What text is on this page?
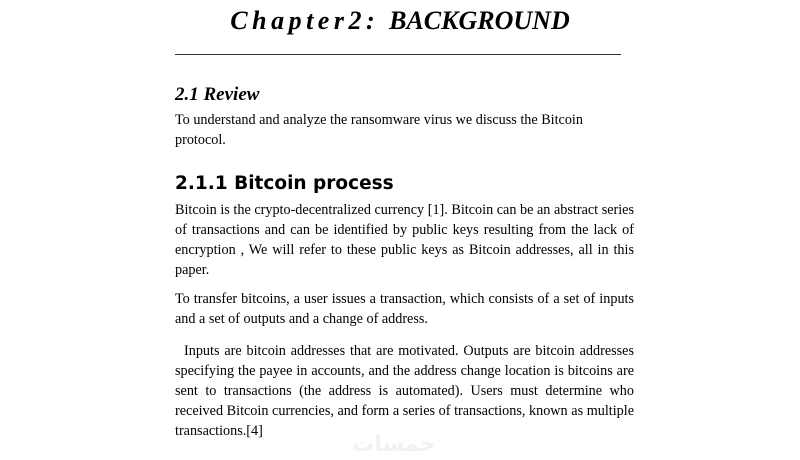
Chapter2: BACKGROUND
2.1 Review
To understand and analyze the ransomware virus we discuss the Bitcoin protocol.
2.1.1 Bitcoin process
Bitcoin is the crypto-decentralized currency [1]. Bitcoin can be an abstract series of transactions and can be identified by public keys resulting from the lack of encryption , We will refer to these public keys as Bitcoin addresses, all in this paper.
To transfer bitcoins, a user issues a transaction, which consists of a set of inputs and a set of outputs and a change of address.
Inputs are bitcoin addresses that are motivated. Outputs are bitcoin addresses specifying the payee in accounts, and the address change location is bitcoins are sent to transactions (the address is automated). Users must determine who received Bitcoin currencies, and form a series of transactions, known as multiple transactions.[4]
خمسات
